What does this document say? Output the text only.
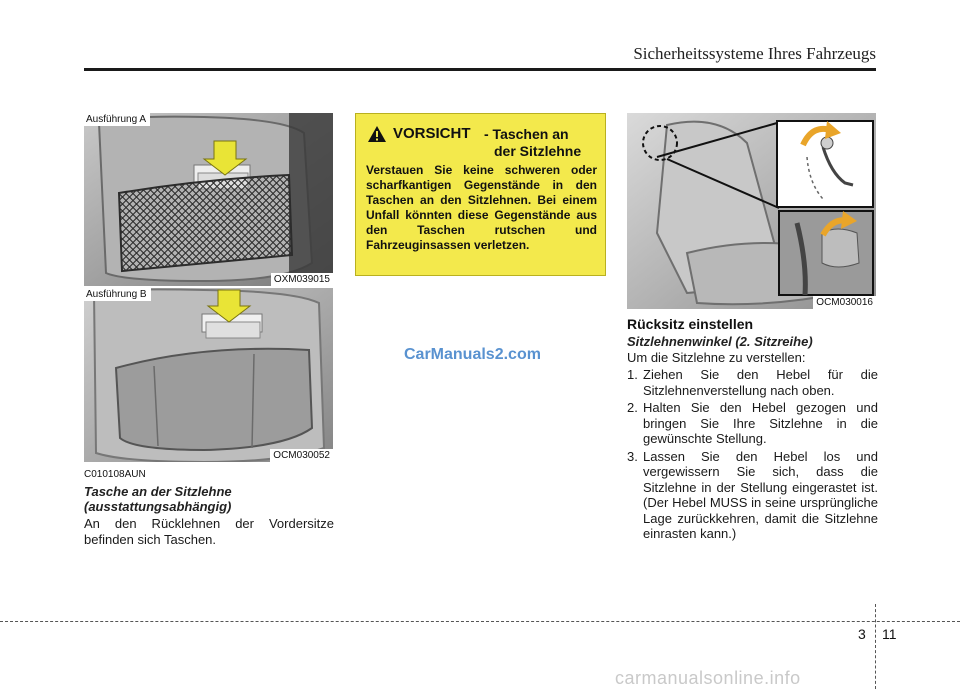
Sicherheitssysteme Ihres Fahrzeugs
Ausführung A
OXM039015
Ausführung B
OCM030052
C010108AUN
Tasche an der Sitzlehne
(ausstattungsabhängig)
An den Rücklehnen der Vordersitze befinden sich Taschen.
VORSICHT - Taschen an
der Sitzlehne
Verstauen Sie keine schweren oder scharfkantigen Gegenstände in den Taschen an den Sitzlehnen. Bei einem Unfall könnten diese Gegenstände aus den Taschen rutschen und Fahrzeuginsassen verletzen.
CarManuals2.com
OCM030016
Rücksitz einstellen
Sitzlehnenwinkel (2. Sitzreihe)
Um die Sitzlehne zu verstellen:
1. Ziehen Sie den Hebel für die Sitzlehnenverstellung nach oben.
2. Halten Sie den Hebel gezogen und bringen Sie Ihre Sitzlehne in die gewünschte Stellung.
3. Lassen Sie den Hebel los und vergewissern Sie sich, dass die Sitzlehne in der Stellung eingerastet ist. (Der Hebel MUSS in seine ursprüngliche Lage zurückkehren, damit die Sitzlehne einrasten kann.)
3 11
carmanualsonline.info
